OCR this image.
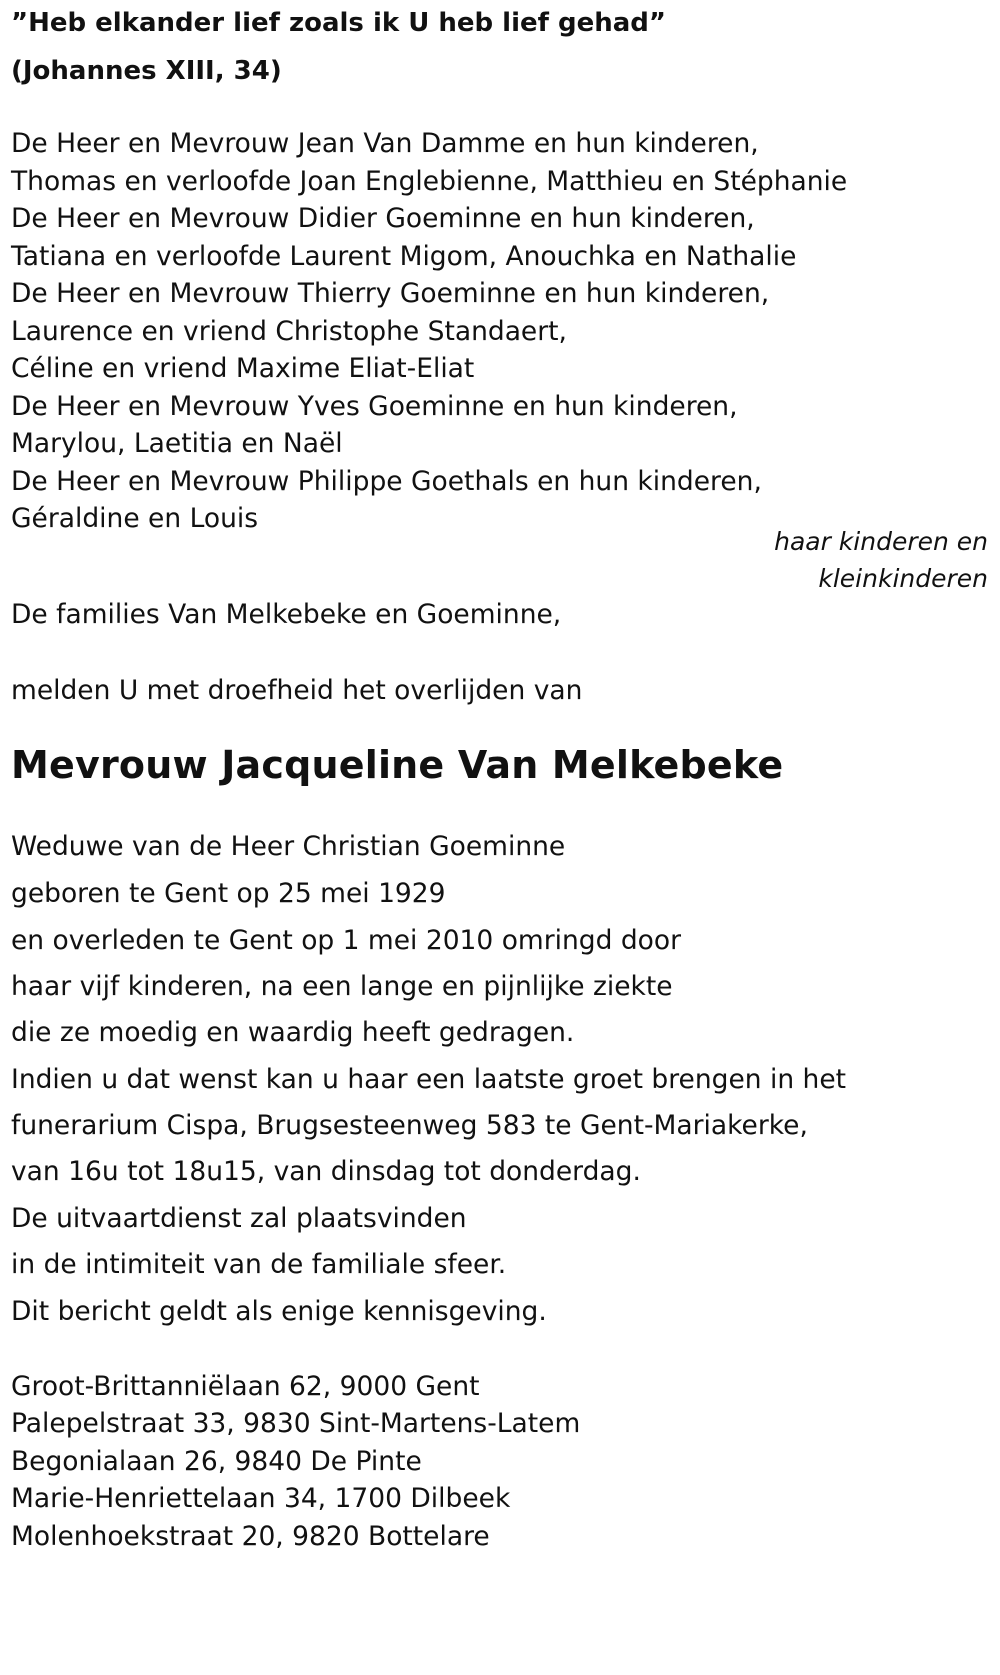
”Heb elkander lief zoals ik U heb lief gehad”
(Johannes XIII, 34)
De Heer en Mevrouw Jean Van Damme en hun kinderen,
Thomas en verloofde Joan Englebienne, Matthieu en Stéphanie
De Heer en Mevrouw Didier Goeminne en hun kinderen,
Tatiana en verloofde Laurent Migom, Anouchka en Nathalie
De Heer en Mevrouw Thierry Goeminne en hun kinderen,
Laurence en vriend Christophe Standaert,
Céline en vriend Maxime Eliat-Eliat
De Heer en Mevrouw Yves Goeminne en hun kinderen,
Marylou, Laetitia en Naël
De Heer en Mevrouw Philippe Goethals en hun kinderen,
Géraldine en Louis
haar kinderen en
kleinkinderen
De families Van Melkebeke en Goeminne,
melden U met droefheid het overlijden van
Mevrouw Jacqueline Van Melkebeke
Weduwe van de Heer Christian Goeminne
geboren te Gent op 25 mei 1929
en overleden te Gent op 1 mei 2010 omringd door
haar vijf kinderen, na een lange en pijnlijke ziekte
die ze moedig en waardig heeft gedragen.
Indien u dat wenst kan u haar een laatste groet brengen in het
funerarium Cispa, Brugsesteenweg 583 te Gent-Mariakerke,
van 16u tot 18u15, van dinsdag tot donderdag.
De uitvaartdienst zal plaatsvinden
in de intimiteit van de familiale sfeer.
Dit bericht geldt als enige kennisgeving.
Groot-Brittanniëlaan 62, 9000 Gent
Palepelstraat 33, 9830 Sint-Martens-Latem
Begonialaan 26, 9840 De Pinte
Marie-Henriettelaan 34, 1700 Dilbeek
Molenhoekstraat 20, 9820 Bottelare
